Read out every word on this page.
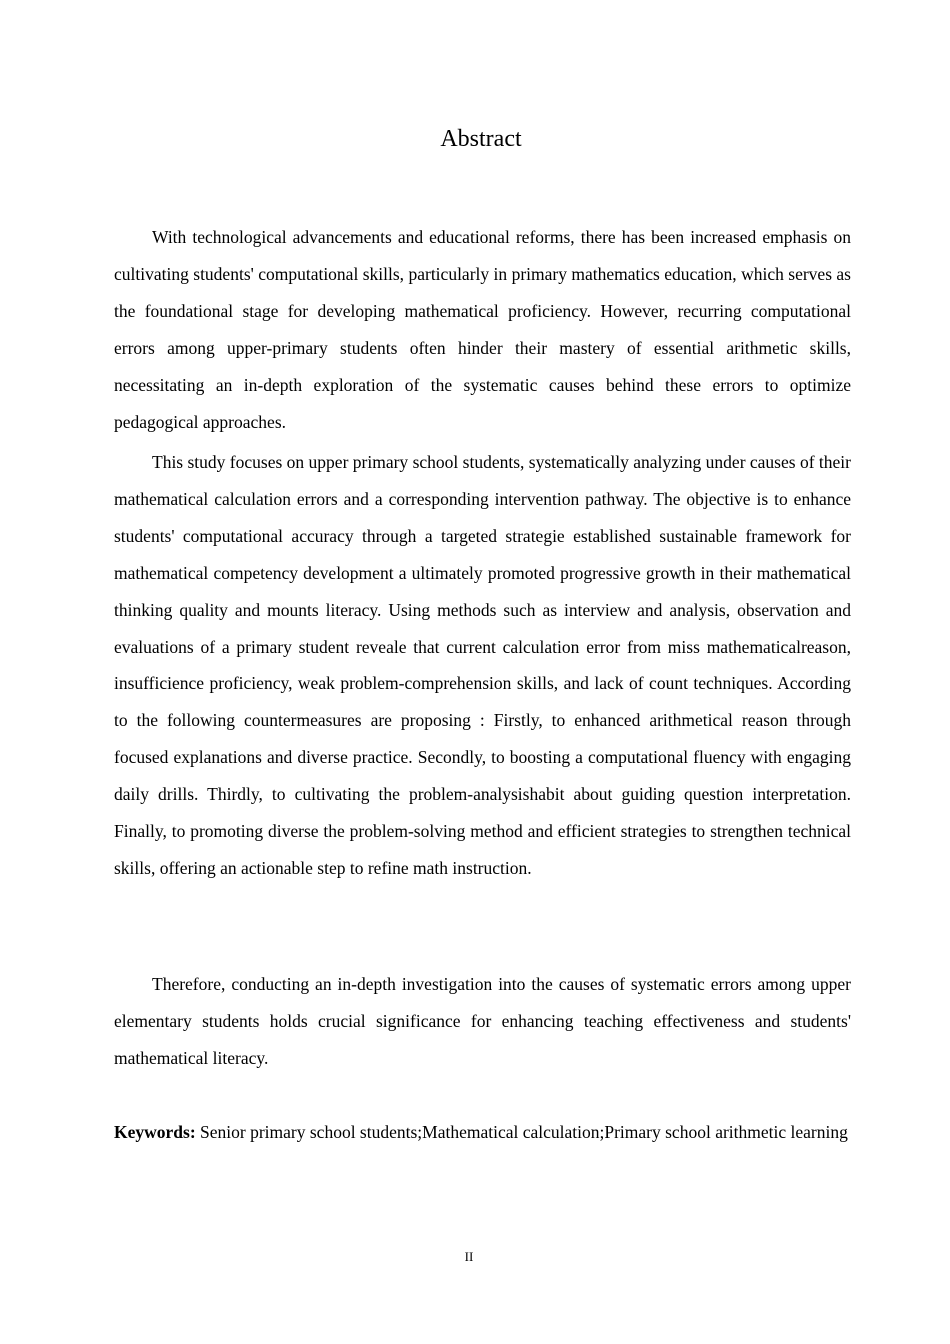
Abstract

With technological advancements and educational reforms, there has been increased emphasis on cultivating students' computational skills, particularly in primary mathematics education, which serves as the foundational stage for developing mathematical proficiency. However, recurring computational errors among upper-primary students often hinder their mastery of essential arithmetic skills, necessitating an in-depth exploration of the systematic causes behind these errors to optimize pedagogical approaches.

This study focuses on upper primary school students, systematically analyzing under causes of their mathematical calculation errors and a corresponding intervention pathway. The objective is to enhance students' computational accuracy through a targeted strategie established sustainable framework for mathematical competency development a ultimately promoted progressive growth in their mathematical thinking quality and mounts literacy. Using methods such as interview and analysis, observation and evaluations of a primary student reveale that current calculation error from miss mathematicalreason, insufficience proficiency, weak problem-comprehension skills, and lack of count techniques. According to the following countermeasures are proposing : Firstly, to enhanced arithmetical reason through focused explanations and diverse practice. Secondly, to boosting a computational fluency with engaging daily drills. Thirdly, to cultivating the problem-analysishabit about guiding question interpretation. Finally, to promoting diverse the problem-solving method and efficient strategies to strengthen technical skills, offering an actionable step to refine math instruction.

Therefore, conducting an in-depth investigation into the causes of systematic errors among upper elementary students holds crucial significance for enhancing teaching effectiveness and students' mathematical literacy.

Keywords: Senior primary school students;Mathematical calculation;Primary school arithmetic learning

II
